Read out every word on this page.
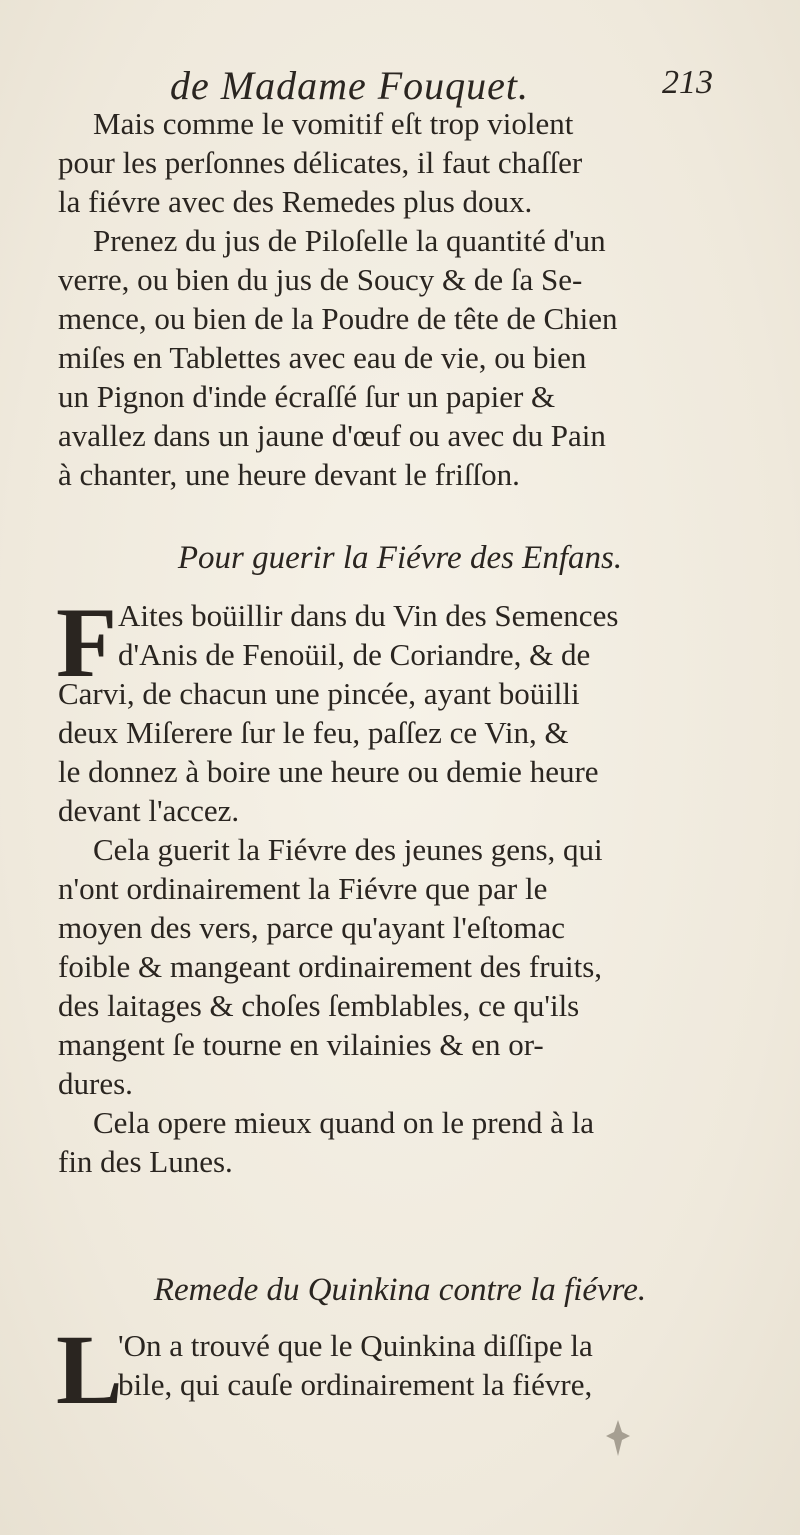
de Madame Fouquet.	213
Mais comme le vomitif eſt trop violent
pour les perſonnes délicates, il faut chaſſer
la fiévre avec des Remedes plus doux.
Prenez du jus de Piloſelle la quantité d'un
verre, ou bien du jus de Soucy & de ſa Se-
mence, ou bien de la Poudre de tête de Chien
miſes en Tablettes avec eau de vie, ou bien
un Pignon d'inde écraſſé ſur un papier &
avallez dans un jaune d'œuf ou avec du Pain
à chanter, une heure devant le friſſon.
Pour guerir la Fiévre des Enfans.
F Aites boüillir dans du Vin des Semences
d'Anis de Fenoüil, de Coriandre, & de
Carvi, de chacun une pincée, ayant boüilli
deux Miſerere ſur le feu, paſſez ce Vin, &
le donnez à boire une heure ou demie heure
devant l'accez.
Cela guerit la Fiévre des jeunes gens, qui
n'ont ordinairement la Fiévre que par le
moyen des vers, parce qu'ayant l'eſtomac
foible & mangeant ordinairement des fruits,
des laitages & choſes ſemblables, ce qu'ils
mangent ſe tourne en vilainies & en or-
dures.
Cela opere mieux quand on le prend à la
fin des Lunes.
Remede du Quinkina contre la fiévre.
L
'On a trouvé que le Quinkina diſſipe la
bile, qui cauſe ordinairement la fiévre,
